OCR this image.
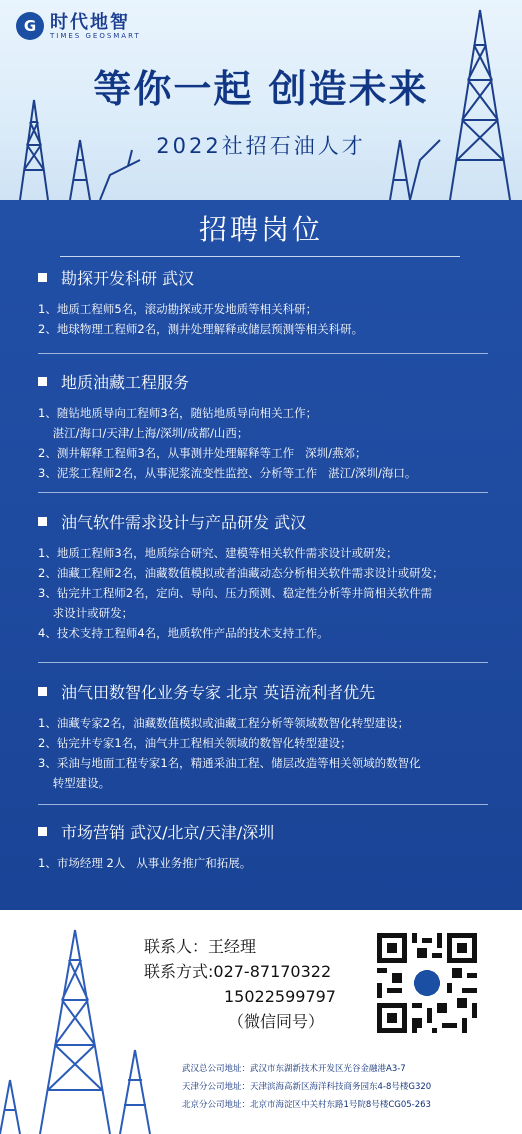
G 时代地智
TIMES GEOSMART
等你一起 创造未来
2022社招石油人才
招聘岗位
勘探开发科研 武汉
1、地质工程师5名，滚动勘探或开发地质等相关科研；
2、地球物理工程师2名，测井处理解释或储层预测等相关科研。
地质油藏工程服务
1、随钻地质导向工程师3名，随钻地质导向相关工作；
湛江/海口/天津/上海/深圳/成都/山西；
2、测井解释工程师3名，从事测井处理解释等工作   深圳/燕郊；
3、泥浆工程师2名，从事泥浆流变性监控、分析等工作   湛江/深圳/海口。
油气软件需求设计与产品研发 武汉
1、地质工程师3名，地质综合研究、建模等相关软件需求设计或研发；
2、油藏工程师2名，油藏数值模拟或者油藏动态分析相关软件需求设计或研发；
3、钻完井工程师2名，定向、导向、压力预测、稳定性分析等井筒相关软件需
求设计或研发；
4、技术支持工程师4名，地质软件产品的技术支持工作。
油气田数智化业务专家 北京 英语流利者优先
1、油藏专家2名，油藏数值模拟或油藏工程分析等领域数智化转型建设；
2、钻完井专家1名，油气井工程相关领域的数智化转型建设；
3、采油与地面工程专家1名，精通采油工程、储层改造等相关领域的数智化
转型建设。
市场营销 武汉/北京/天津/深圳
1、市场经理 2人   从事业务推广和拓展。
联系人：王经理
联系方式:027-87170322
15022599797
（微信同号）
武汉总公司地址：武汉市东湖新技术开发区光谷金融港A3-7
天津分公司地址：天津滨海高新区海洋科技商务园东4-8号楼G320
北京分公司地址：北京市海淀区中关村东路1号院8号楼CG05-263
